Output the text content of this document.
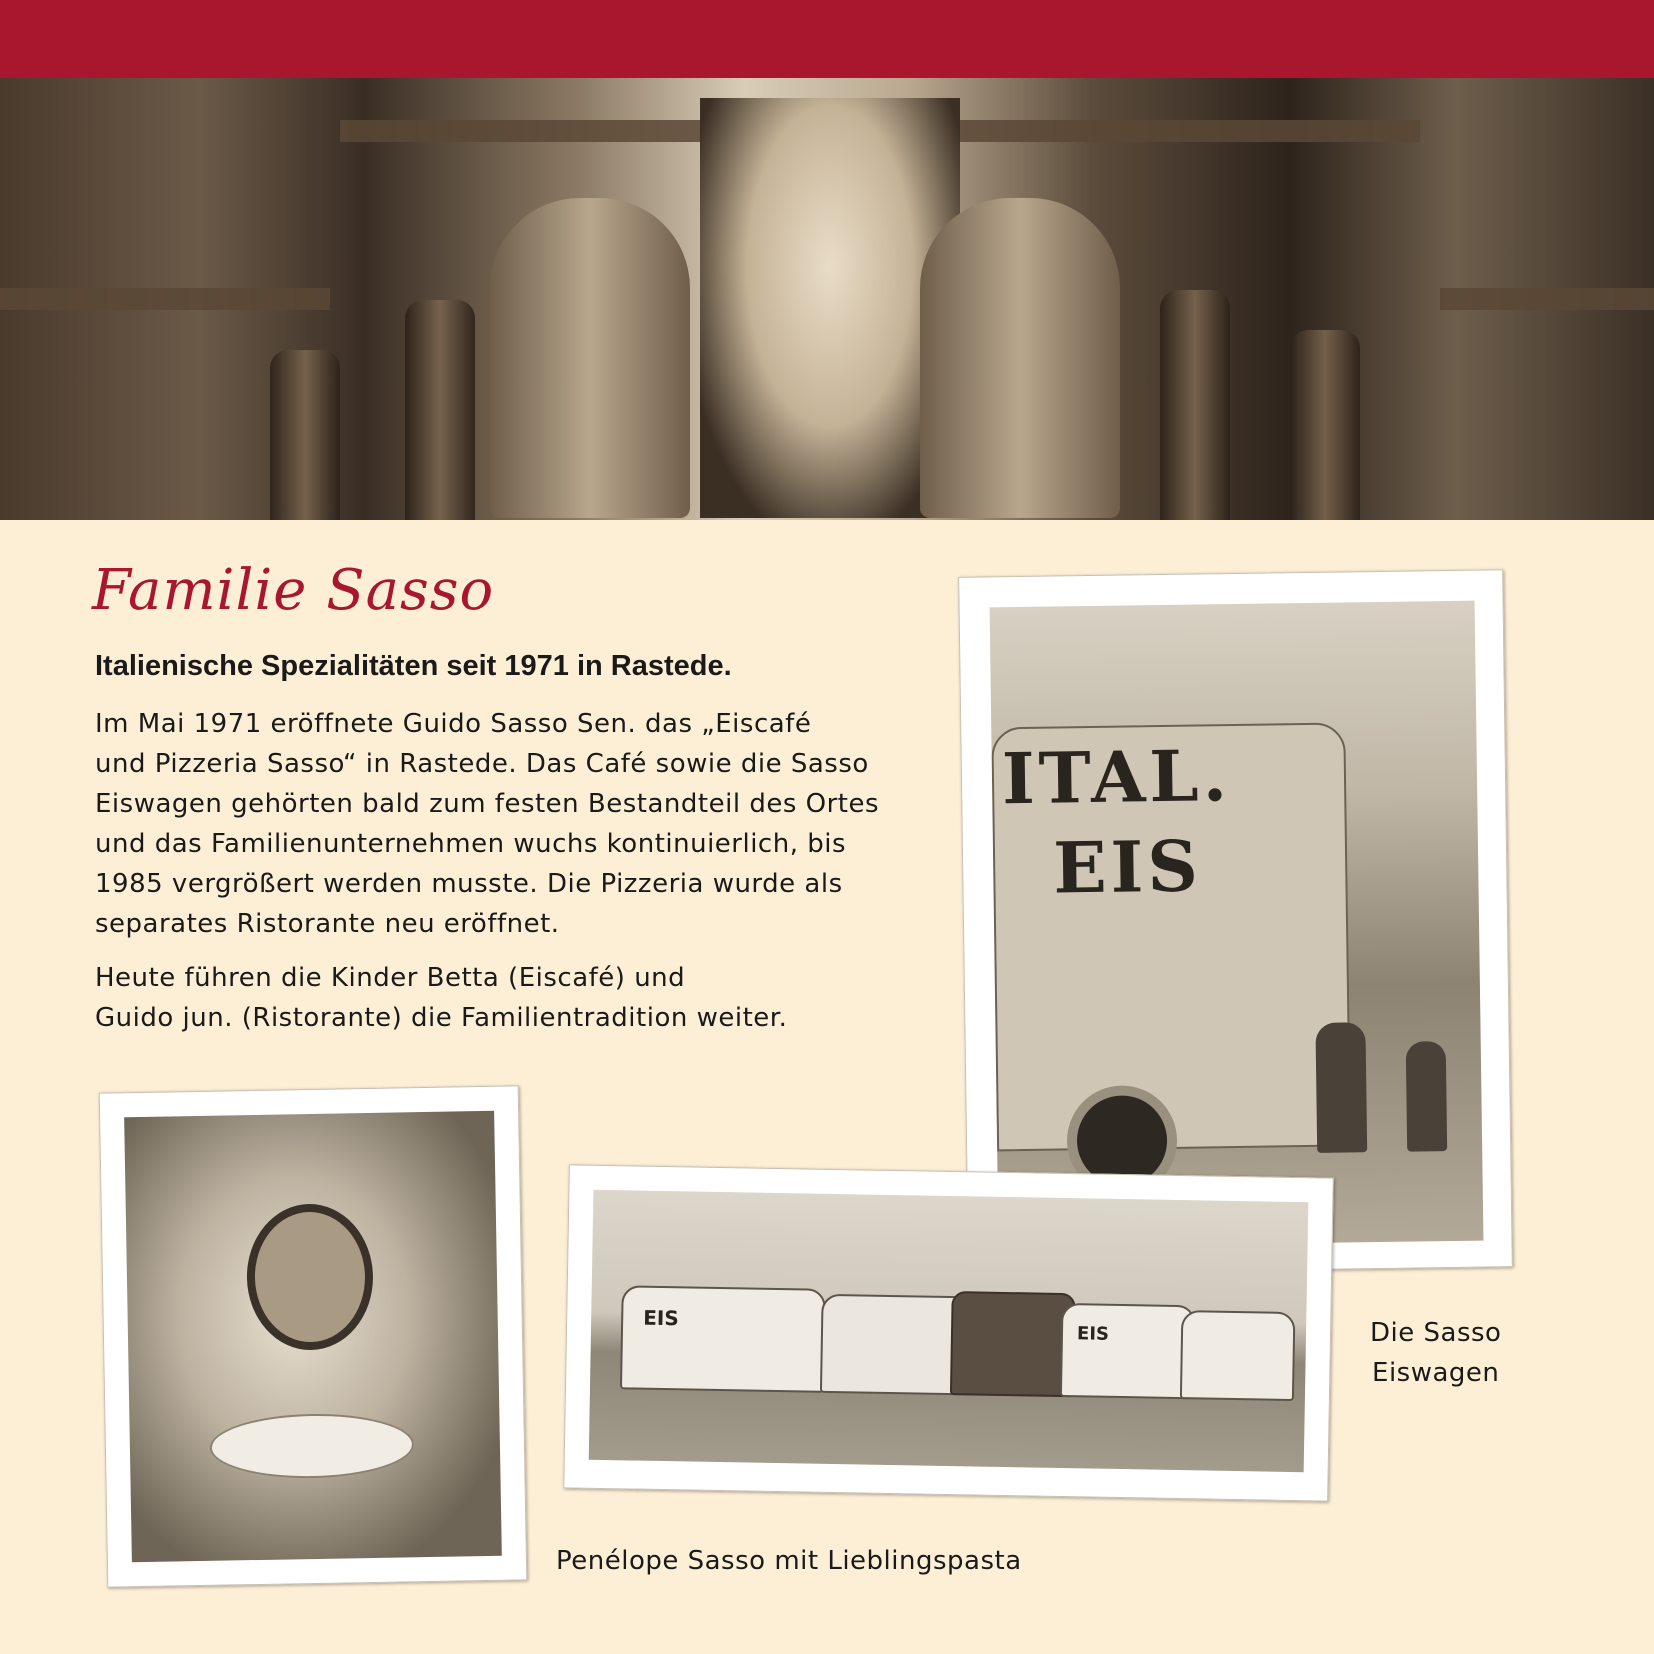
Familie Sasso
Italienische Spezialitäten seit 1971 in Rastede.
Im Mai 1971 eröffnete Guido Sasso Sen. das „Eiscafé
und Pizzeria Sasso“ in Rastede. Das Café sowie die Sasso
Eiswagen gehörten bald zum festen Bestandteil des Ortes
und das Familienunternehmen wuchs kontinuierlich, bis
1985 vergrößert werden musste. Die Pizzeria wurde als
separates Ristorante neu eröffnet.
Heute führen die Kinder Betta (Eiscafé) und
Guido jun. (Ristorante) die Familientradition weiter.
ITAL.
EIS
EIS
EIS	Die Sasso
Eiswagen
Penélope Sasso mit Lieblingspasta
